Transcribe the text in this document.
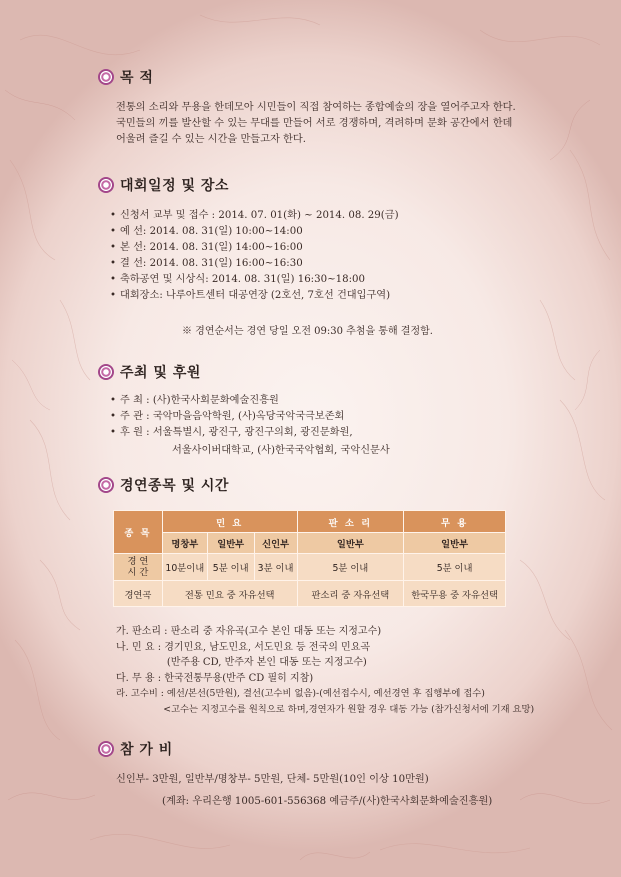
목 적
전통의 소리와 무용을 한데모아 시민들이 직접 참여하는 종합예술의 장을 열어주고자 한다.
국민들의 끼를 발산할 수 있는 무대를 만들어 서로 경쟁하며, 격려하며 문화 공간에서 한데
어울려 즐길 수 있는 시간을 만들고자 한다.
대회일정 및 장소
• 신청서 교부 및 접수 : 2014. 07. 01(화) ~ 2014. 08. 29(금)
• 예 선: 2014. 08. 31(일) 10:00~14:00
• 본 선: 2014. 08. 31(일) 14:00~16:00
• 결 선: 2014. 08. 31(일) 16:00~16:30
• 축하공연 및 시상식: 2014. 08. 31(일) 16:30~18:00
• 대회장소: 나루아트센터 대공연장 (2호선, 7호선 건대입구역)
※ 경연순서는 경연 당일 오전 09:30 추첨을 통해 결정함.
주최 및 후원
• 주 최 : (사)한국사회문화예술진흥원
• 주 관 : 국악마을음악학원, (사)옥당국악국극보존회
• 후 원 : 서울특별시, 광진구, 광진구의회, 광진문화원,
서울사이버대학교, (사)한국국악협회, 국악신문사
경연종목 및 시간
종 목	민 요			판 소 리	무 용
	명창부	일반부	신인부	일반부	일반부

경 연
시 간	10분이내	5분 이내	3분 이내	5분 이내	5분 이내
경연곡	전통 민요 중 자유선택			판소리 중 자유선택	한국무용 중 자유선택
가. 판소리 : 판소리 중 자유곡(고수 본인 대동 또는 지정고수)
나. 민 요 : 경기민요, 남도민요, 서도민요 등 전국의 민요곡
(반주용 CD, 반주자 본인 대동 또는 지정고수)
다. 무 용 : 한국전통무용(반주 CD 필히 지참)
라. 고수비 : 예선/본선(5만원), 결선(고수비 없음)-(예선접수시, 예선경연 후 집행부에 접수)
<고수는 지정고수를 원칙으로 하며,경연자가 원할 경우 대동 가능 (참가신청서에 기재 요망)
참 가 비
신인부- 3만원, 일반부/명창부- 5만원, 단체- 5만원(10인 이상 10만원)
(계좌: 우리은행 1005-601-556368 예금주/(사)한국사회문화예술진흥원)
